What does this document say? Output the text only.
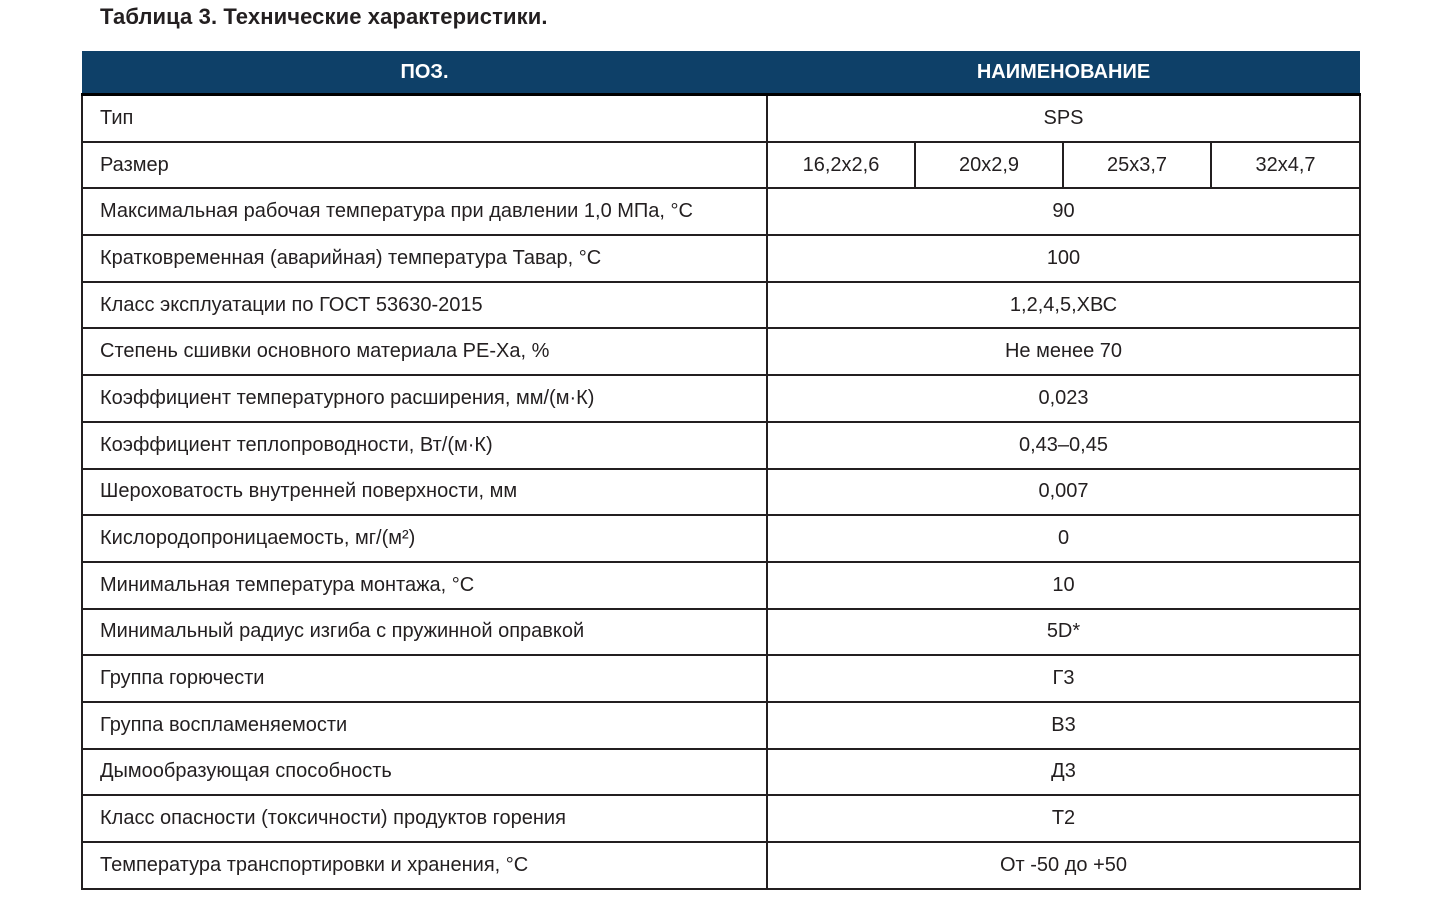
Таблица 3. Технические характеристики.
ПОЗ.	НАИМЕНОВАНИЕ			
Тип	SPS			
Размер	16,2x2,6	20x2,9	25x3,7	32x4,7
Максимальная рабочая температура при давлении 1,0 МПа, °С	90			
Кратковременная (аварийная) температура Тавар, °С	100			
Класс эксплуатации по ГОСТ 53630-2015	1,2,4,5,ХВС			
Степень сшивки основного материала PE-Xa, %	Не менее 70			
Коэффициент температурного расширения, мм/(м·К)	0,023			
Коэффициент теплопроводности, Вт/(м·К)	0,43–0,45			
Шероховатость внутренней поверхности, мм	0,007			
Кислородопроницаемость, мг/(м²)	0			
Минимальная температура монтажа, °С	10			
Минимальный радиус изгиба с пружинной оправкой	5D*			
Группа горючести	Г3			
Группа воспламеняемости	В3			
Дымообразующая способность	Д3			
Класс опасности (токсичности) продуктов горения	Т2			
Температура транспортировки и хранения, °С	От -50 до +50			
